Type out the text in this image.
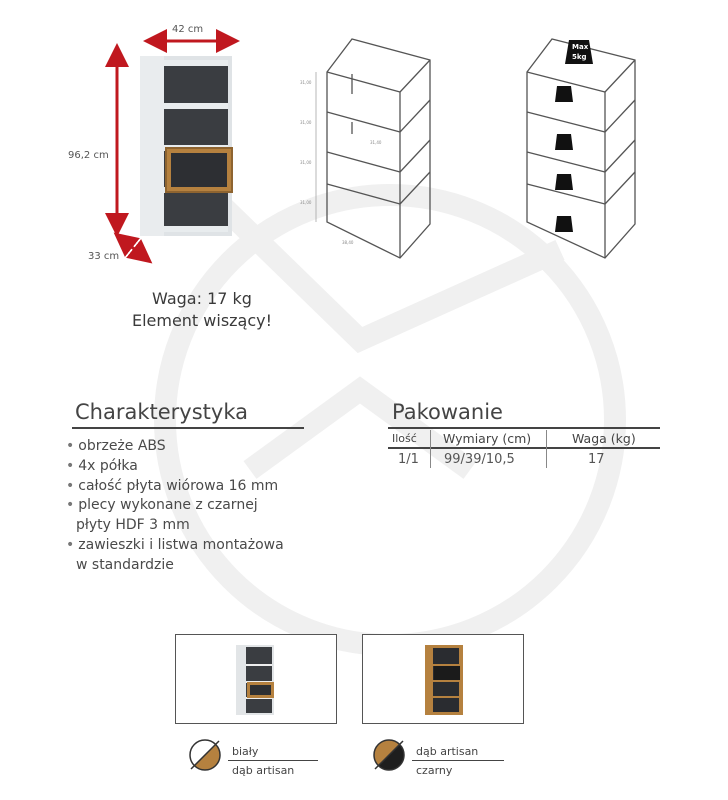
42 cm
96,2 cm
33 cm
Waga: 17 kg
Element wiszący!
31,00
31,00
31,00
31,00
38,40
31,40
Max
5kg
Charakterystyka
• obrzeże ABS
• 4x półka
• całość płyta wiórowa 16 mm
• plecy wykonane z czarnej
płyty HDF 3 mm
• zawieszki i listwa montażowa
w standardzie
Pakowanie
Ilość Wymiary (cm)	Waga (kg)
1/1 99/39/10,5	17
biały
dąb artisan
dąb artisan
czarny
